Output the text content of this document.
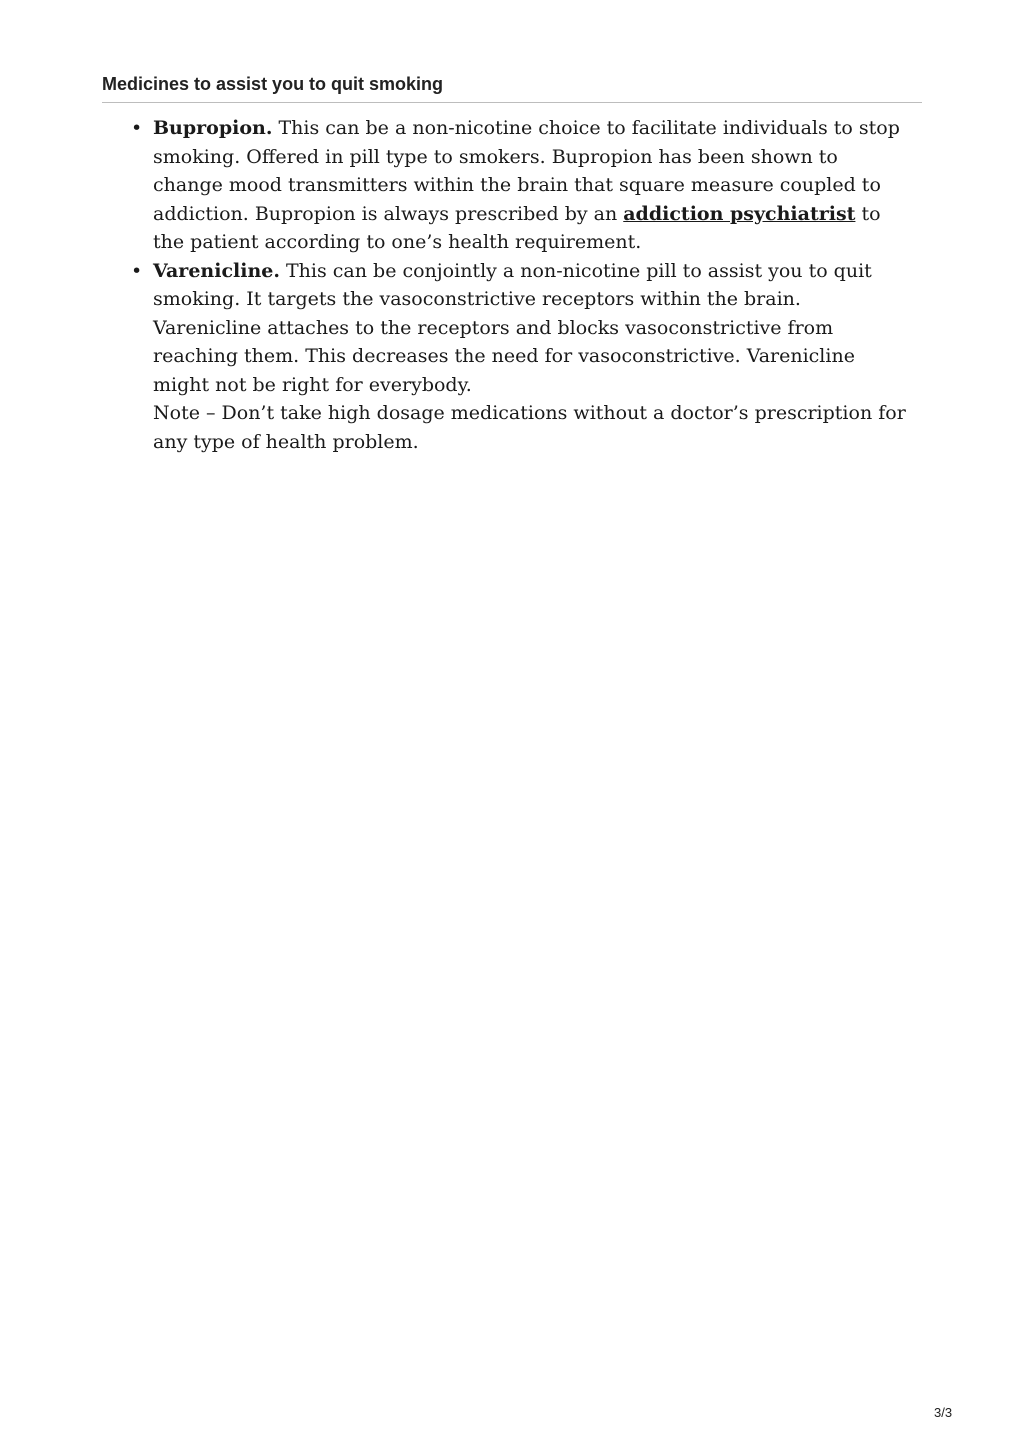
Medicines to assist you to quit smoking
• Bupropion. This can be a non-nicotine choice to facilitate individuals to stop smoking. Offered in pill type to smokers. Bupropion has been shown to change mood transmitters within the brain that square measure coupled to addiction. Bupropion is always prescribed by an addiction psychiatrist to the patient according to one’s health requirement.
• Varenicline. This can be conjointly a non-nicotine pill to assist you to quit smoking. It targets the vasoconstrictive receptors within the brain. Varenicline attaches to the receptors and blocks vasoconstrictive from reaching them. This decreases the need for vasoconstrictive. Varenicline might not be right for everybody.
Note – Don’t take high dosage medications without a doctor’s prescription for any type of health problem.
3/3
